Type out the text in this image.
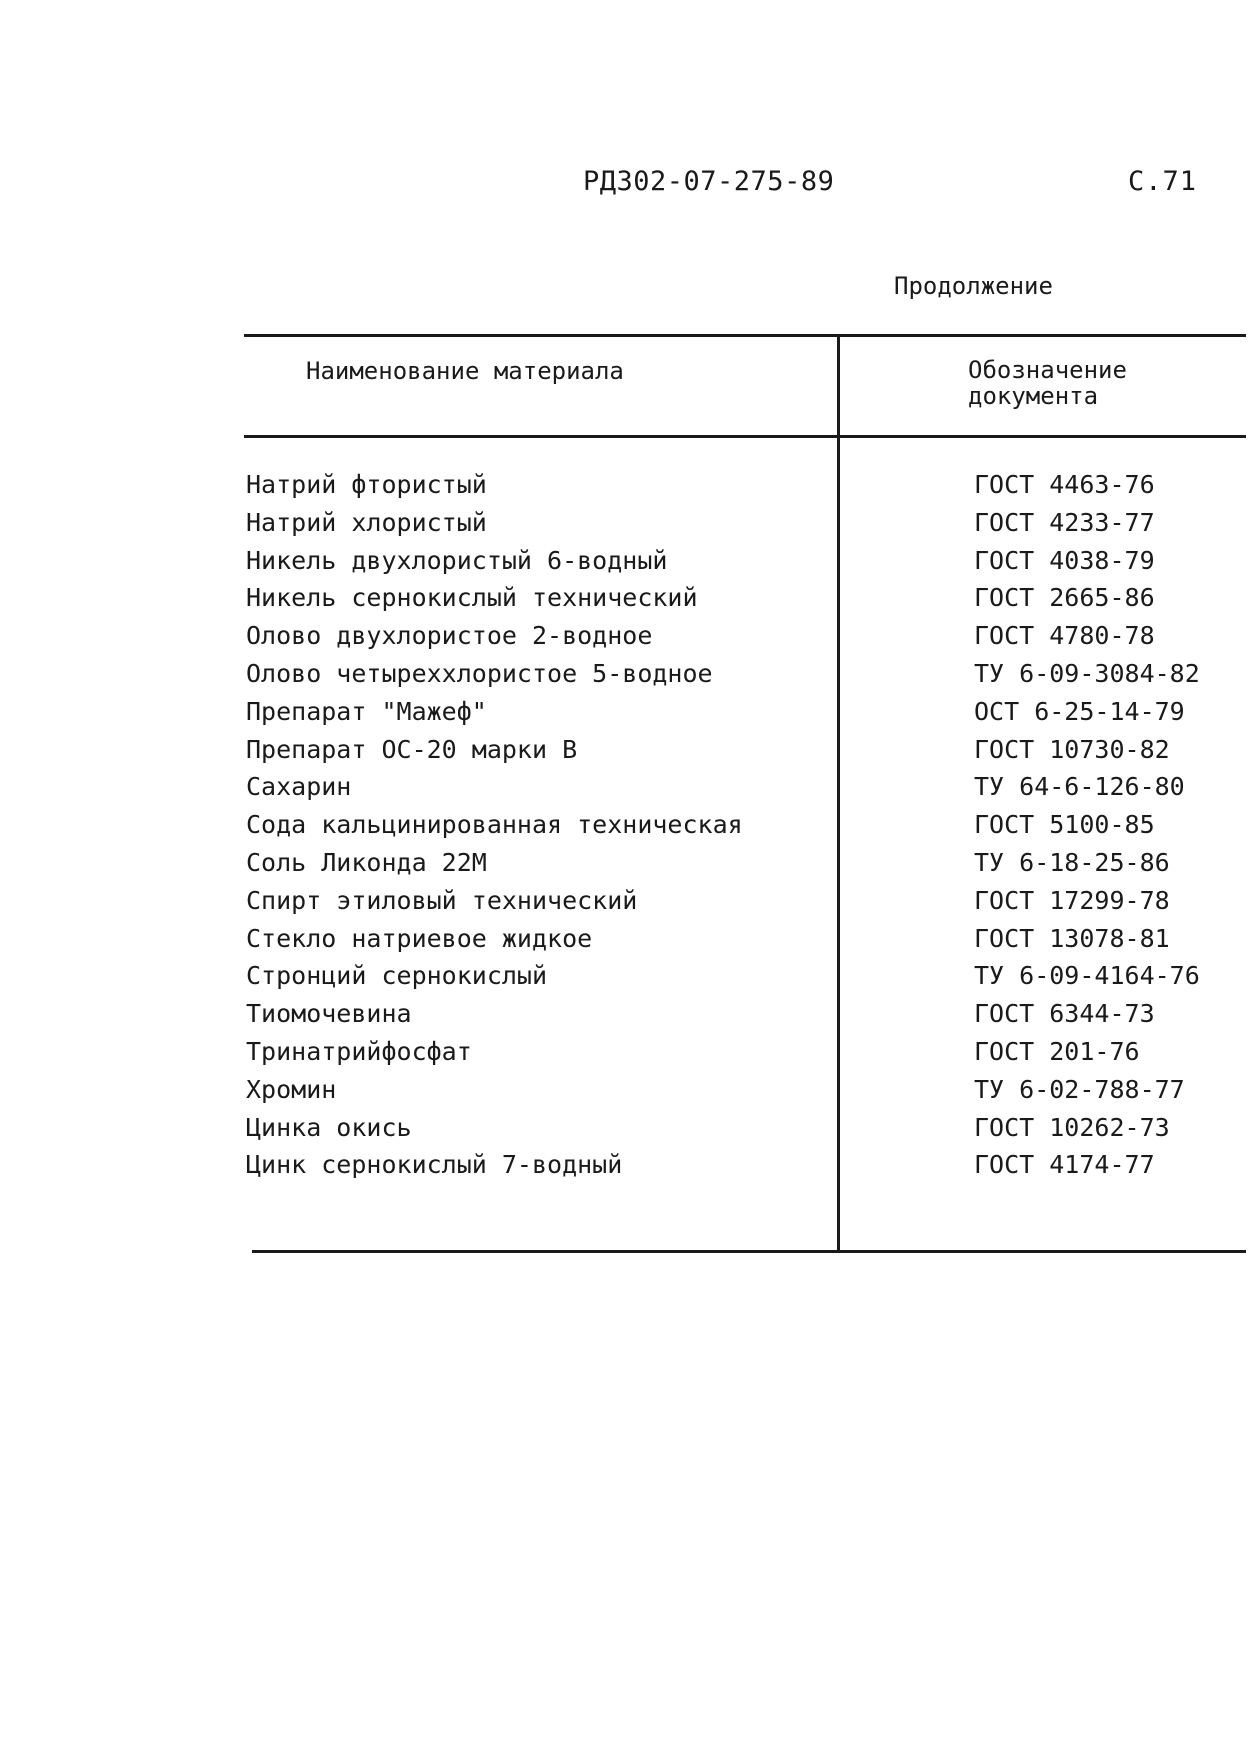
РД302-07-275-89	С.71
Продолжение
Наименование материала	Обозначение
документа
Натрий фтористый	ГОСТ 4463-76
Натрий хлористый	ГОСТ 4233-77
Никель двухлористый 6-водный	ГОСТ 4038-79
Никель сернокислый технический	ГОСТ 2665-86
Олово двухлористое 2-водное	ГОСТ 4780-78
Олово четыреххлористое 5-водное	ТУ 6-09-3084-82
Препарат "Мажеф"	ОСТ 6-25-14-79
Препарат ОС-20 марки В	ГОСТ 10730-82
Сахарин	ТУ 64-6-126-80
Сода кальцинированная техническая	ГОСТ 5100-85
Соль Ликонда 22М	ТУ 6-18-25-86
Спирт этиловый технический	ГОСТ 17299-78
Стекло натриевое жидкое	ГОСТ 13078-81
Стронций сернокислый	ТУ 6-09-4164-76
Тиомочевина	ГОСТ 6344-73
Тринатрийфосфат	ГОСТ 201-76
Хромин	ТУ 6-02-788-77
Цинка окись	ГОСТ 10262-73
Цинк сернокислый 7-водный	ГОСТ 4174-77
